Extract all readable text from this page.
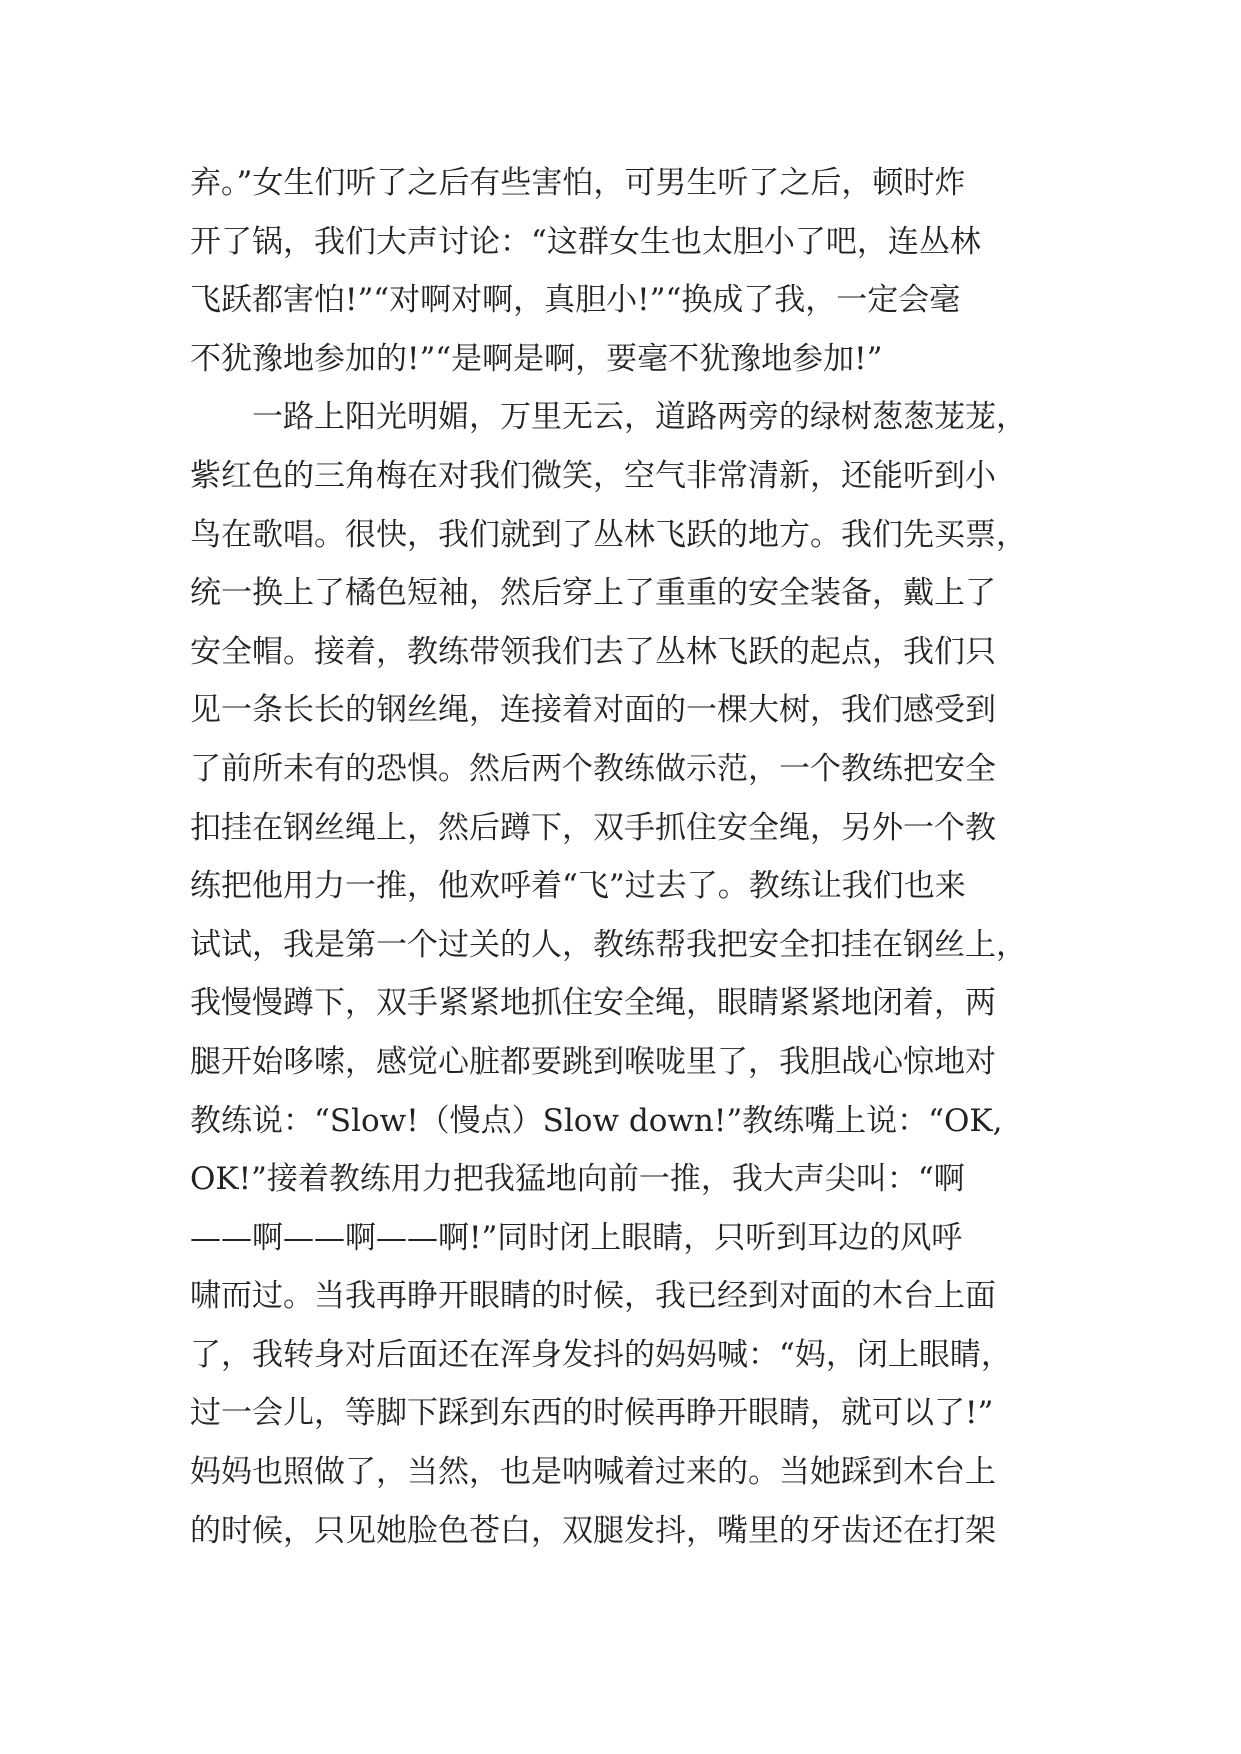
弃。”女生们听了之后有些害怕，可男生听了之后，顿时炸
开了锅，我们大声讨论：“这群女生也太胆小了吧，连丛林
飞跃都害怕!”“对啊对啊，真胆小!”“换成了我，一定会毫
不犹豫地参加的!”“是啊是啊，要毫不犹豫地参加!”
　　一路上阳光明媚，万里无云，道路两旁的绿树葱葱茏茏，
紫红色的三角梅在对我们微笑，空气非常清新，还能听到小
鸟在歌唱。很快，我们就到了丛林飞跃的地方。我们先买票，
统一换上了橘色短袖，然后穿上了重重的安全装备，戴上了
安全帽。接着，教练带领我们去了丛林飞跃的起点，我们只
见一条长长的钢丝绳，连接着对面的一棵大树，我们感受到
了前所未有的恐惧。然后两个教练做示范，一个教练把安全
扣挂在钢丝绳上，然后蹲下，双手抓住安全绳，另外一个教
练把他用力一推，他欢呼着“飞”过去了。教练让我们也来
试试，我是第一个过关的人，教练帮我把安全扣挂在钢丝上，
我慢慢蹲下，双手紧紧地抓住安全绳，眼睛紧紧地闭着，两
腿开始哆嗦，感觉心脏都要跳到喉咙里了，我胆战心惊地对
教练说：“Slow!（慢点）Slow down!”教练嘴上说：“OK,
OK!”接着教练用力把我猛地向前一推，我大声尖叫：“啊
——啊——啊——啊!”同时闭上眼睛，只听到耳边的风呼
啸而过。当我再睁开眼睛的时候，我已经到对面的木台上面
了，我转身对后面还在浑身发抖的妈妈喊：“妈，闭上眼睛，
过一会儿，等脚下踩到东西的时候再睁开眼睛，就可以了!”
妈妈也照做了，当然，也是呐喊着过来的。当她踩到木台上
的时候，只见她脸色苍白，双腿发抖，嘴里的牙齿还在打架
